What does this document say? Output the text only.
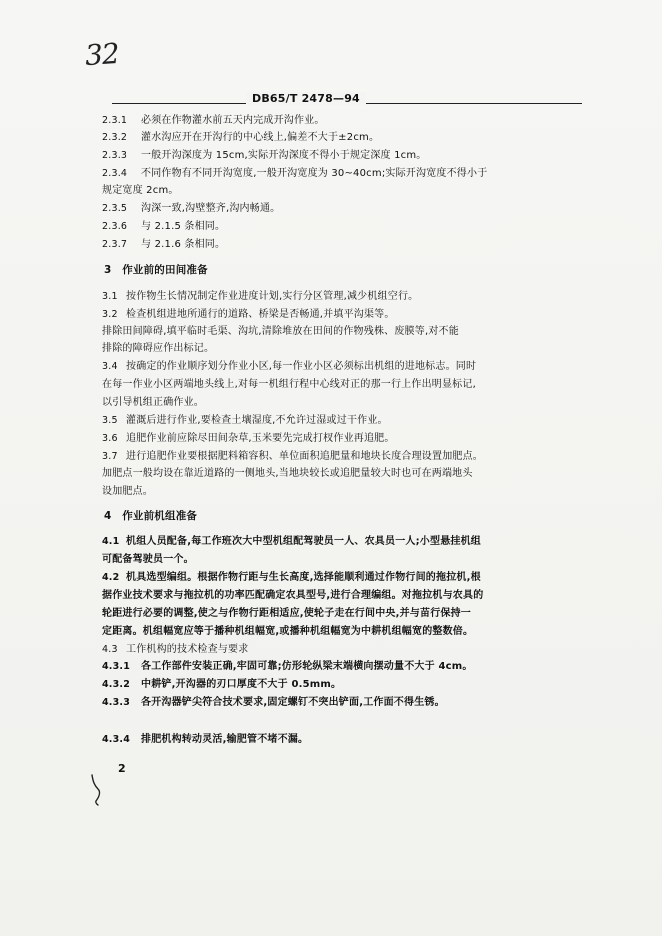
32
DB65/T 2478—94
2.3.1 必须在作物灌水前五天内完成开沟作业。
2.3.2 灌水沟应开在开沟行的中心线上,偏差不大于±2cm。
2.3.3 一般开沟深度为 15cm,实际开沟深度不得小于规定深度 1cm。
2.3.4 不同作物有不同开沟宽度,一般开沟宽度为 30~40cm;实际开沟宽度不得小于
规定宽度 2cm。
2.3.5 沟深一致,沟壁整齐,沟内畅通。
2.3.6 与 2.1.5 条相同。
2.3.7 与 2.1.6 条相同。
3　作业前的田间准备
3.1 按作物生长情况制定作业进度计划,实行分区管理,减少机组空行。
3.2 检查机组进地所通行的道路、桥梁是否畅通,并填平沟渠等。
排除田间障碍,填平临时毛渠、沟坑,清除堆放在田间的作物残株、废膜等,对不能
排除的障碍应作出标记。
3.4 按确定的作业顺序划分作业小区,每一作业小区必须标出机组的进地标志。同时
在每一作业小区两端地头线上,对每一机组行程中心线对正的那一行上作出明显标记,
以引导机组正确作业。
3.5 灌溉后进行作业,要检查土壤湿度,不允许过湿或过干作业。
3.6 追肥作业前应除尽田间杂草,玉米要先完成打杈作业再追肥。
3.7 进行追肥作业要根据肥料箱容积、单位面积追肥量和地块长度合理设置加肥点。
加肥点一般均设在靠近道路的一侧地头,当地块较长或追肥量较大时也可在两端地头
设加肥点。
4　作业前机组准备
4.1 机组人员配备,每工作班次大中型机组配驾驶员一人、农具员一人;小型悬挂机组
可配备驾驶员一个。
4.2 机具选型编组。根据作物行距与生长高度,选择能顺利通过作物行间的拖拉机,根
据作业技术要求与拖拉机的功率匹配确定农具型号,进行合理编组。对拖拉机与农具的
轮距进行必要的调整,使之与作物行距相适应,使轮子走在行间中央,并与苗行保持一
定距离。机组幅宽应等于播种机组幅宽,或播种机组幅宽为中耕机组幅宽的整数倍。
4.3 工作机构的技术检查与要求
4.3.1 各工作部件安装正确,牢固可靠;仿形轮纵梁末端横向摆动量不大于 4cm。
4.3.2 中耕铲,开沟器的刃口厚度不大于 0.5mm。
4.3.3 各开沟器铲尖符合技术要求,固定螺钉不突出铲面,工作面不得生锈。
4.3.4 排肥机构转动灵活,输肥管不堵不漏。
2
